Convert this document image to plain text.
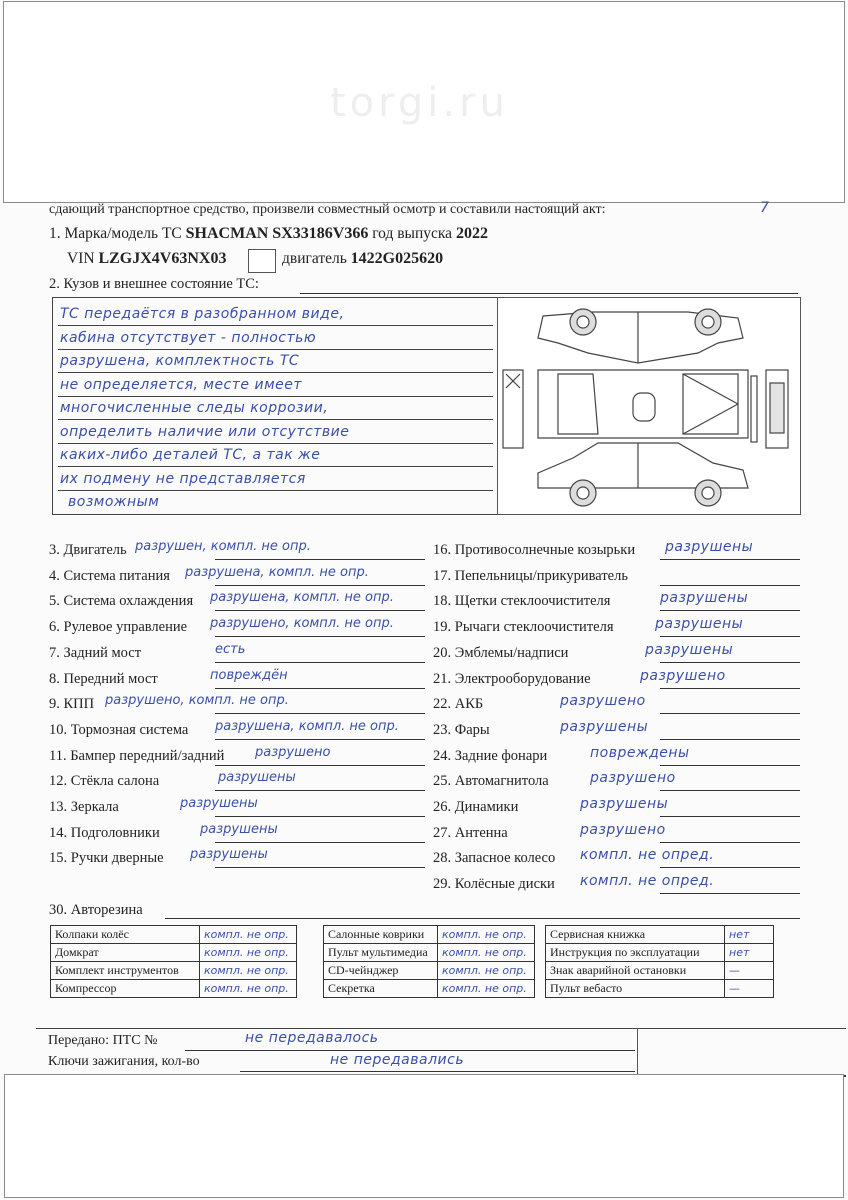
torgi.ru
сдающий транспортное средство, произвели совместный осмотр и составили настоящий акт:	7
1. Марка/модель ТС SHACMAN SX33186V366 год выпуска 2022
VIN LZGJX4V63NX03	двигатель 1422G025620
2. Кузов и внешнее состояние ТС:
ТС передаётся в разобранном виде,
кабина отсутствует - полностью
разрушена, комплектность ТС
не определяется, месте имеет
многочисленные следы коррозии,
определить наличие или отсутствие
каких-либо деталей ТС, а так же
их подмену не представляется
возможным
3. Двигатель разрушен, компл. не опр.
4. Система питания разрушена, компл. не опр.
5. Система охлаждения разрушена, компл. не опр.
6. Рулевое управление разрушено, компл. не опр.
7. Задний мост	есть
8. Передний мост	повреждён
9. КПП разрушено, компл. не опр.
10. Тормозная система разрушена, компл. не опр.
11. Бампер передний/задний разрушено
12. Стёкла салона	разрушены
13. Зеркала	разрушены
14. Подголовники	разрушены
15. Ручки дверные разрушены
16. Противосолнечные козырьки разрушены
17. Пепельницы/прикуриватель
18. Щетки стеклоочистителя	разрушены
19. Рычаги стеклоочистителя	разрушены
20. Эмблемы/надписи	разрушены
21. Электрооборудование	разрушено
22. АКБ	разрушено
23. Фары	разрушены
24. Задние фонари	повреждены
25. Автомагнитола	разрушено
26. Динамики	разрушены
27. Антенна	разрушено
28. Запасное колесо компл. не опред.
29. Колёсные диски компл. не опред.
30. Авторезина
Колпаки колёс	компл. не опр.
Домкрат	компл. не опр.
Комплект инструментов	компл. не опр.
Компрессор	компл. не опр.
Салонные коврики	компл. не опр.
Пульт мультимедиа	компл. не опр.
CD-чейнджер	компл. не опр.
Секретка	компл. не опр.
Сервисная книжка	нет
Инструкция по эксплуатации	нет
Знак аварийной остановки	—
Пульт вебасто	—
Передано: ПТС №	не передавалось
Ключи зажигания, кол-во	не передавались
